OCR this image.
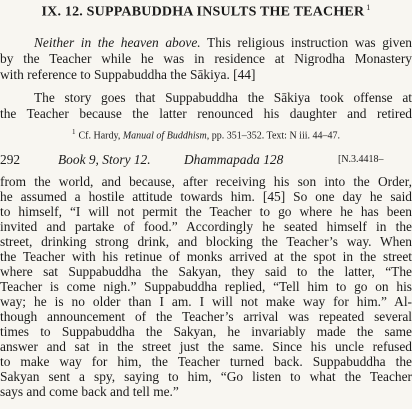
IX. 12. SUPPABUDDHA INSULTS THE TEACHER $^1$
Neither in the heaven above. This religious instruction was given
by the Teacher while he was in residence at Nigrodha Monastery
with reference to Suppabuddha the Sākiya. [44]
The story goes that Suppabuddha the Sākiya took offense at
the Teacher because the latter renounced his daughter and retired
$^1$ Cf. Hardy, Manual of Buddhism, pp. 351–352. Text: N iii. 44–47.
292	Book 9, Story 12. Dhammapada 128	[N.3.4418–
from the world, and because, after receiving his son into the Order,
he assumed a hostile attitude towards him. [45] So one day he said
to himself, “I will not permit the Teacher to go where he has been
invited and partake of food.” Accordingly he seated himself in the
street, drinking strong drink, and blocking the Teacher’s way. When
the Teacher with his retinue of monks arrived at the spot in the street
where sat Suppabuddha the Sakyan, they said to the latter, “The
Teacher is come nigh.” Suppabuddha replied, “Tell him to go on his
way; he is no older than I am. I will not make way for him.” Al-
though announcement of the Teacher’s arrival was repeated several
times to Suppabuddha the Sakyan, he invariably made the same
answer and sat in the street just the same. Since his uncle refused
to make way for him, the Teacher turned back. Suppabuddha the
Sakyan sent a spy, saying to him, “Go listen to what the Teacher
says and come back and tell me.”
